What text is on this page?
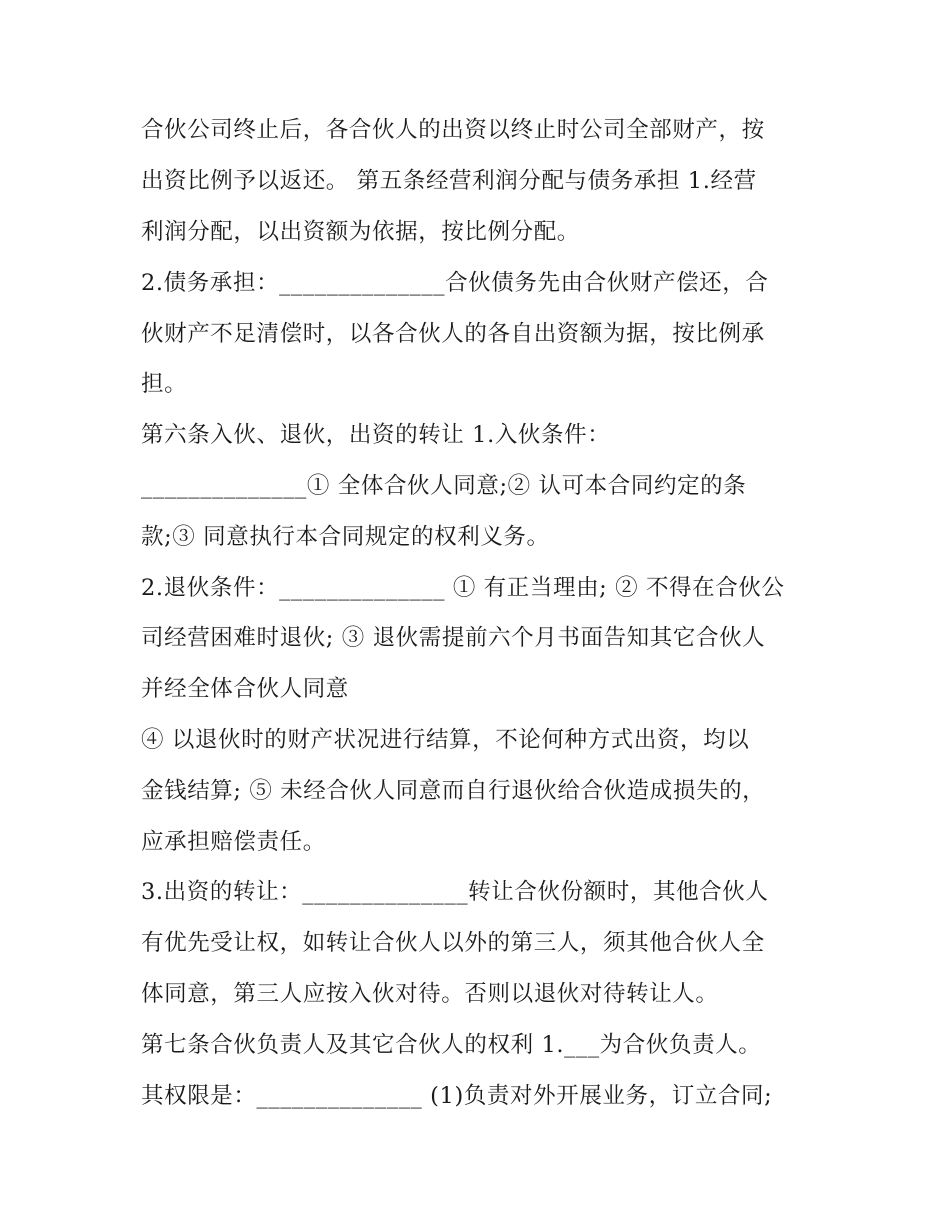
合伙公司终止后，各合伙人的出资以终止时公司全部财产，按
出资比例予以返还。 第五条经营利润分配与债务承担 1.经营
利润分配，以出资额为依据，按比例分配。
2.债务承担：______________合伙债务先由合伙财产偿还，合
伙财产不足清偿时，以各合伙人的各自出资额为据，按比例承
担。
第六条入伙、退伙，出资的转让 1.入伙条件：
______________① 全体合伙人同意;② 认可本合同约定的条
款;③ 同意执行本合同规定的权利义务。
2.退伙条件：______________ ① 有正当理由; ② 不得在合伙公
司经营困难时退伙; ③ 退伙需提前六个月书面告知其它合伙人
并经全体合伙人同意
④ 以退伙时的财产状况进行结算，不论何种方式出资，均以
金钱结算; ⑤ 未经合伙人同意而自行退伙给合伙造成损失的，
应承担赔偿责任。
3.出资的转让：______________转让合伙份额时，其他合伙人
有优先受让权，如转让合伙人以外的第三人，须其他合伙人全
体同意，第三人应按入伙对待。否则以退伙对待转让人。
第七条合伙负责人及其它合伙人的权利 1.___为合伙负责人。
其权限是：______________ (1)负责对外开展业务，订立合同;
